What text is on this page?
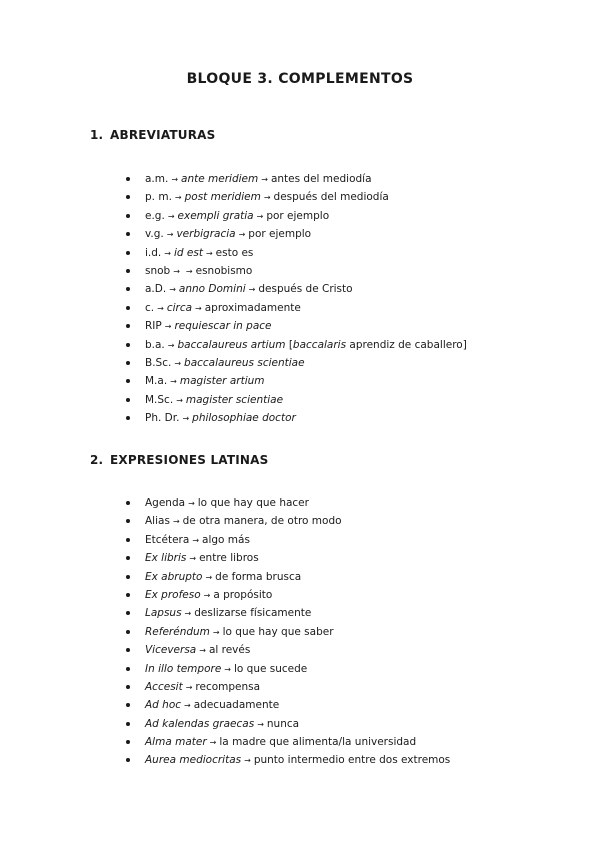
BLOQUE 3. COMPLEMENTOS
1. ABREVIATURAS
a.m. → ante meridiem → antes del mediodía
p. m. → post meridiem → después del mediodía
e.g. → exempli gratia → por ejemplo
v.g. → verbigracia → por ejemplo
i.d. → id est → esto es
snob → → esnobismo
a.D. → anno Domini → después de Cristo
c. → circa → aproximadamente
RIP → requiescar in pace
b.a. → baccalaureus artium [baccalaris aprendiz de caballero]
B.Sc. → baccalaureus scientiae
M.a. → magister artium
M.Sc. → magister scientiae
Ph. Dr. → philosophiae doctor
2. EXPRESIONES LATINAS
Agenda → lo que hay que hacer
Alias → de otra manera, de otro modo
Etcétera → algo más
Ex libris → entre libros
Ex abrupto → de forma brusca
Ex profeso → a propósito
Lapsus → deslizarse físicamente
Referéndum → lo que hay que saber
Viceversa → al revés
In illo tempore → lo que sucede
Accesit → recompensa
Ad hoc → adecuadamente
Ad kalendas graecas → nunca
Alma mater → la madre que alimenta/la universidad
Aurea mediocritas → punto intermedio entre dos extremos
